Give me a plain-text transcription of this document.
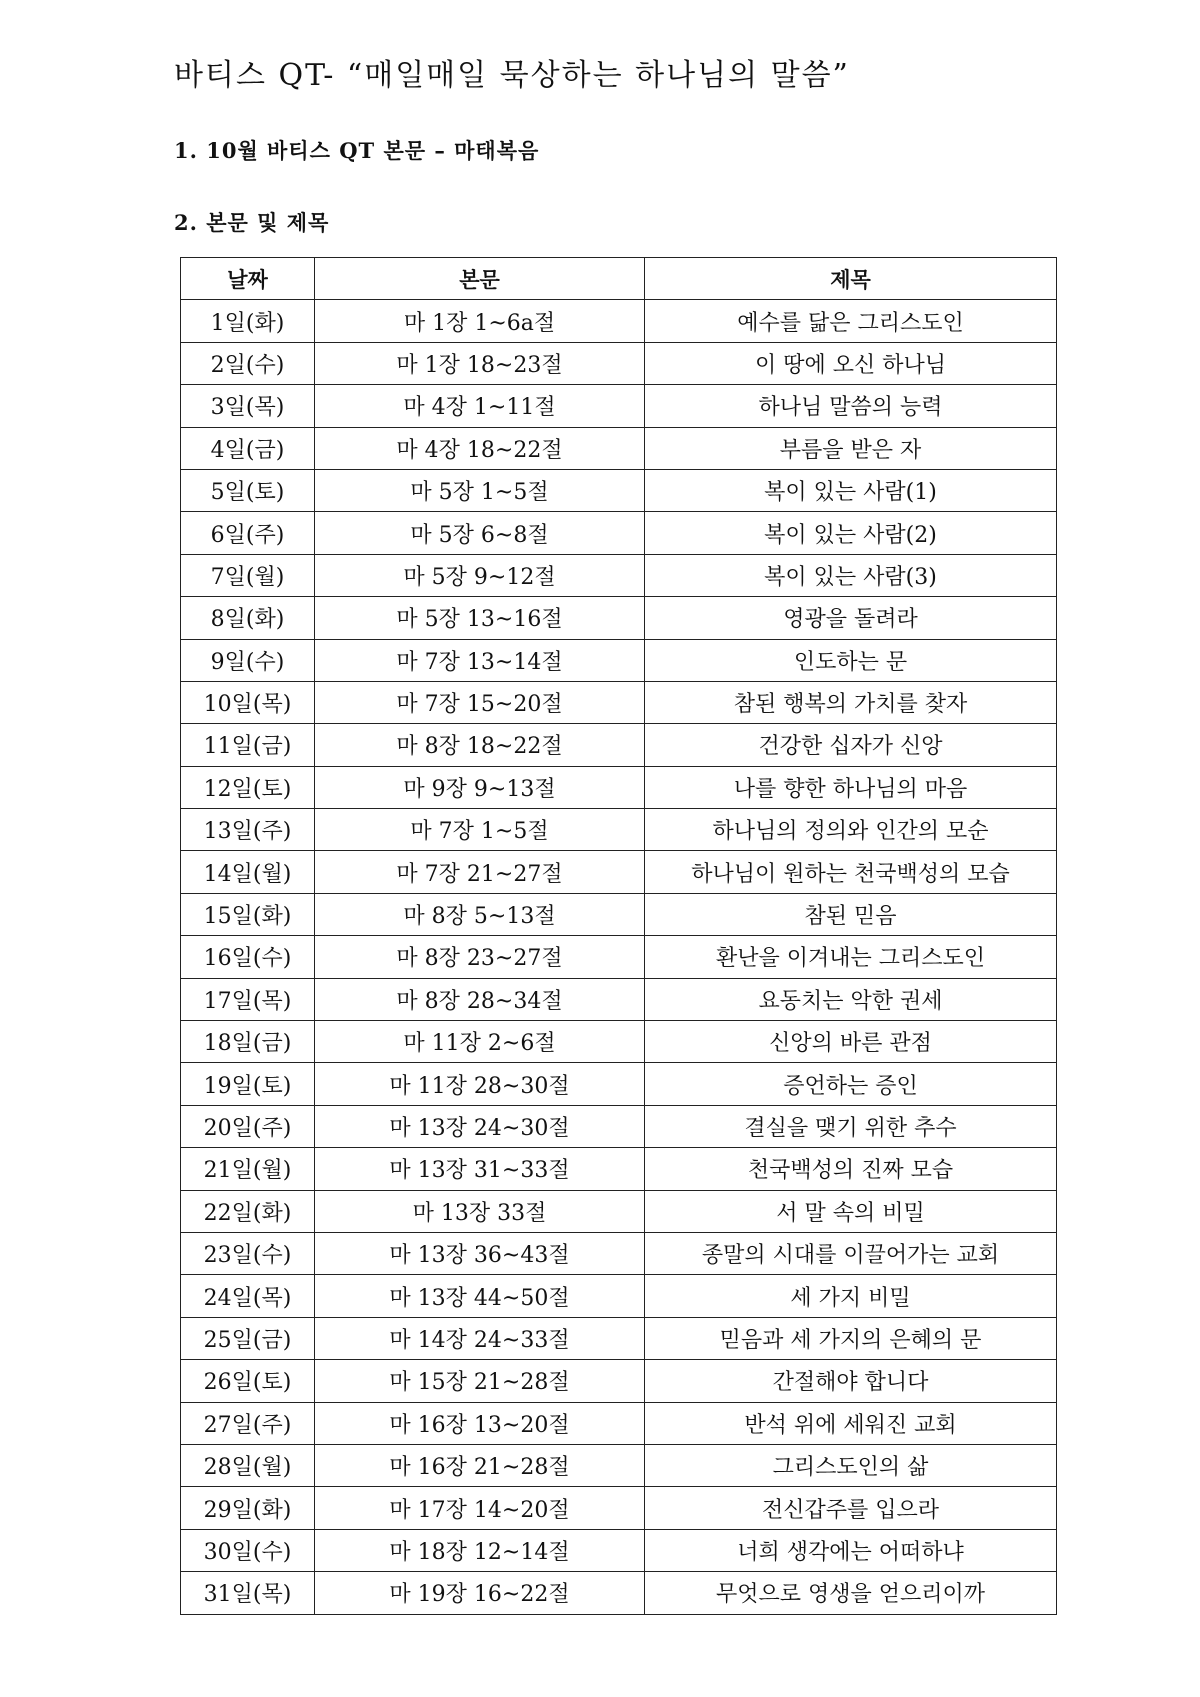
바티스 QT- “매일매일 묵상하는 하나님의 말씀”
1. 10월 바티스 QT 본문 – 마태복음
2. 본문 및 제목
날짜	본문	제목
1일(화)	마 1장 1~6a절	예수를 닮은 그리스도인
2일(수)	마 1장 18~23절	이 땅에 오신 하나님
3일(목)	마 4장 1~11절	하나님 말씀의 능력
4일(금)	마 4장 18~22절	부름을 받은 자
5일(토)	마 5장 1~5절	복이 있는 사람(1)
6일(주)	마 5장 6~8절	복이 있는 사람(2)
7일(월)	마 5장 9~12절	복이 있는 사람(3)
8일(화)	마 5장 13~16절	영광을 돌려라
9일(수)	마 7장 13~14절	인도하는 문
10일(목)	마 7장 15~20절	참된 행복의 가치를 찾자
11일(금)	마 8장 18~22절	건강한 십자가 신앙
12일(토)	마 9장 9~13절	나를 향한 하나님의 마음
13일(주)	마 7장 1~5절	하나님의 정의와 인간의 모순
14일(월)	마 7장 21~27절	하나님이 원하는 천국백성의 모습
15일(화)	마 8장 5~13절	참된 믿음
16일(수)	마 8장 23~27절	환난을 이겨내는 그리스도인
17일(목)	마 8장 28~34절	요동치는 악한 권세
18일(금)	마 11장 2~6절	신앙의 바른 관점
19일(토)	마 11장 28~30절	증언하는 증인
20일(주)	마 13장 24~30절	결실을 맺기 위한 추수
21일(월)	마 13장 31~33절	천국백성의 진짜 모습
22일(화)	마 13장 33절	서 말 속의 비밀
23일(수)	마 13장 36~43절	종말의 시대를 이끌어가는 교회
24일(목)	마 13장 44~50절	세 가지 비밀
25일(금)	마 14장 24~33절	믿음과 세 가지의 은혜의 문
26일(토)	마 15장 21~28절	간절해야 합니다
27일(주)	마 16장 13~20절	반석 위에 세워진 교회
28일(월)	마 16장 21~28절	그리스도인의 삶
29일(화)	마 17장 14~20절	전신갑주를 입으라
30일(수)	마 18장 12~14절	너희 생각에는 어떠하냐
31일(목)	마 19장 16~22절	무엇으로 영생을 얻으리이까
